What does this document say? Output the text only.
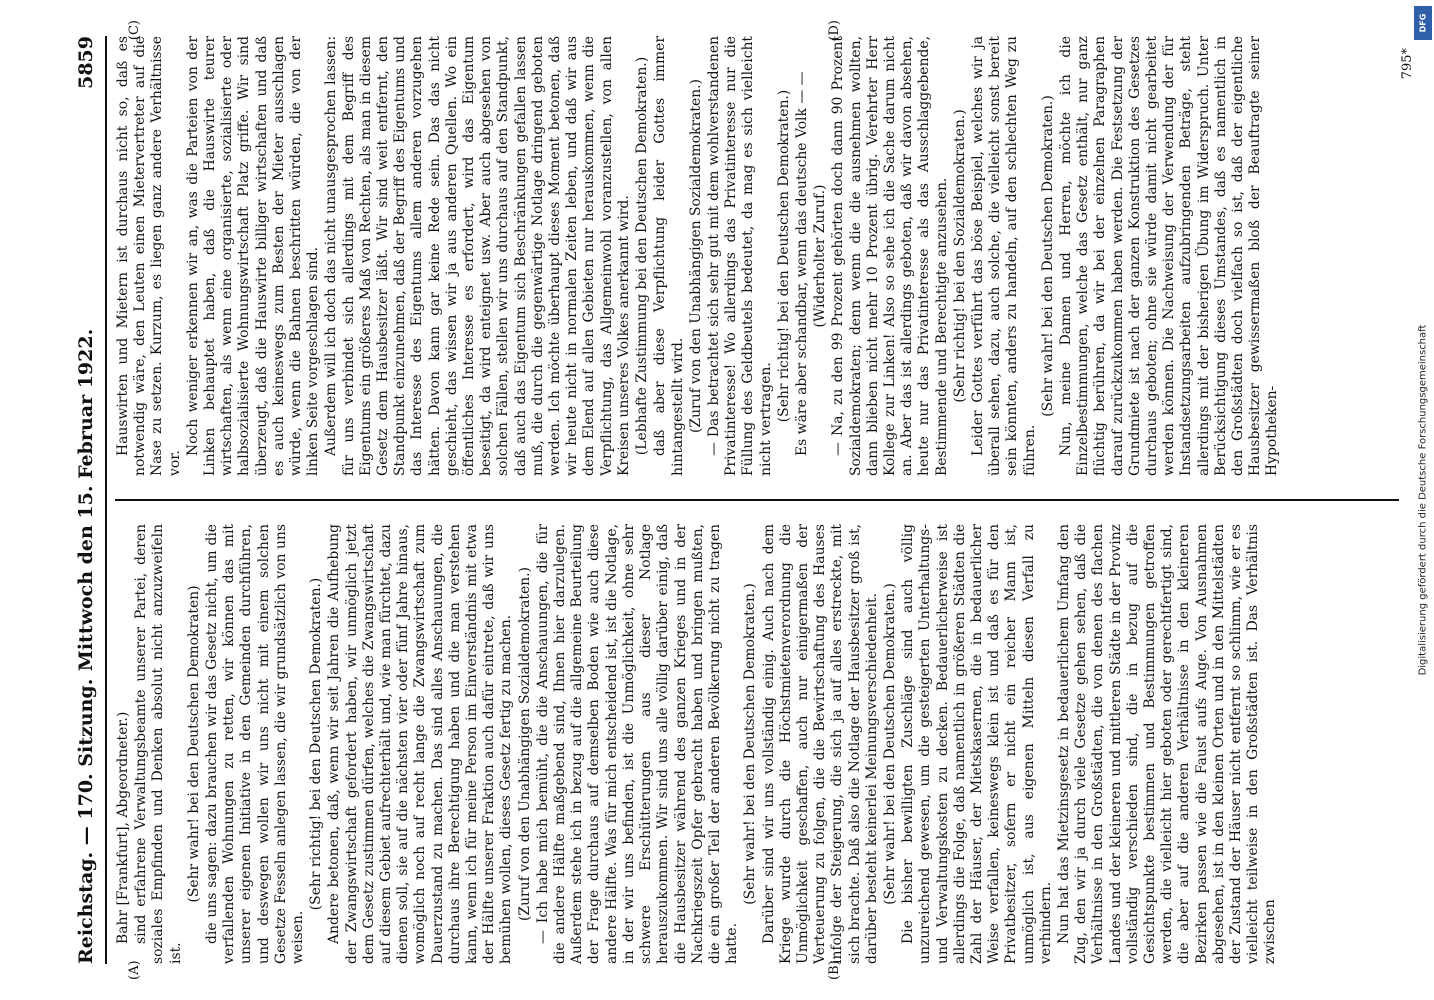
Reichstag. — 170. Sitzung.
Mittwoch den 15. Februar 1922.
5859
(A)	(B)
(C)	(D)

Bahr [Frankfurt], Abgeordneter.) sind erfahrene Verwaltungsbeamte unserer Partei, deren soziales Empfinden und Denken absolut nicht anzuzweifeln ist.

(Sehr wahr! bei den Deutschen Demokraten) die uns sagen: dazu brauchen wir das Gesetz nicht, um die verfallenden Wohnungen zu retten, wir können das mit unserer eigenen Initiative in den Gemeinden durchführen, und deswegen wollen wir uns nicht mit einem solchen Gesetze Fesseln anlegen lassen, die wir grundsätzlich von uns weisen.

(Sehr richtig! bei den Deutschen Demokraten.) Andere betonen, daß, wenn wir seit Jahren die Aufhebung der Zwangswirtschaft gefordert haben, wir unmöglich jetzt dem Gesetz zustimmen dürfen, welches die Zwangswirtschaft auf diesem Gebiet aufrechterhält und, wie man fürchtet, dazu dienen soll, sie auf die nächsten vier oder fünf Jahre hinaus, womöglich noch auf recht lange die Zwangswirtschaft zum Dauerzustand zu machen. Das sind alles Anschauungen, die durchaus ihre Berechtigung haben und die man verstehen kann, wenn ich für meine Person im Einverständnis mit etwa der Hälfte unserer Fraktion auch dafür eintrete, daß wir uns bemühen wollen, dieses Gesetz fertig zu machen. (Zuruf von den Unabhängigen Sozialdemokraten.) — Ich habe mich bemüht, die die Anschauungen, die für die andere Hälfte maßgebend sind, Ihnen hier darzulegen. Außerdem stehe ich in bezug auf die allgemeine Beurteilung der Frage durchaus auf demselben Boden wie auch diese andere Hälfte. Was für mich entscheidend ist, ist die Notlage, in der wir uns befinden, ist die Unmöglichkeit, ohne sehr schwere Erschütterungen aus dieser Notlage herauszukommen. Wir sind uns alle völlig darüber einig, daß die Hausbesitzer während des ganzen Krieges und in der Nachkriegszeit Opfer gebracht haben und bringen mußten, die ein großer Teil der anderen Bevölkerung nicht zu tragen hatte.

(Sehr wahr! bei den Deutschen Demokraten.) Darüber sind wir uns vollständig einig. Auch nach dem Kriege wurde durch die Höchstmietenverordnung die Unmöglichkeit geschaffen, auch nur einigermaßen der Verteuerung zu folgen, die die Bewirtschaftung des Hauses infolge der Steigerung, die sich ja auf alles erstreckte, mit sich brachte. Daß also die Notlage der Hausbesitzer groß ist, darüber besteht keinerlei Meinungsverschiedenheit. (Sehr wahr! bei den Deutschen Demokraten.) Die bisher bewilligten Zuschläge sind auch völlig unzureichend gewesen, um die gesteigerten Unterhaltungs- und Verwaltungskosten zu decken. Bedauerlicherweise ist allerdings die Folge, daß namentlich in größeren Städten die Zahl der Häuser, der Mietskasernen, die in bedauerlicher Weise verfallen, keineswegs klein ist und daß es für den Privatbesitzer, sofern er nicht ein reicher Mann ist, unmöglich ist, aus eigenen Mitteln diesen Verfall zu verhindern. Nun hat das Mietzinsgesetz in bedauerlichem Umfang den Zug, den wir ja durch viele Gesetze gehen sehen, daß die Verhältnisse in den Großstädten, die von denen des flachen Landes und der kleineren und mittleren Städte in der Provinz vollständig verschieden sind, die in bezug auf die Gesichtspunkte bestimmen und Bestimmungen getroffen werden, die vielleicht hier geboten oder gerechtfertigt sind, die aber auf die anderen Verhältnisse in den kleineren Bezirken passen wie die Faust aufs Auge. Von Ausnahmen abgesehen, ist in den kleinen Orten und in den Mittelstädten der Zustand der Häuser nicht entfernt so schlimm, wie er es vielleicht teilweise in den Großstädten ist. Das Verhältnis zwischen

Hauswirten und Mietern ist durchaus nicht so, daß es notwendig wäre, den Leuten einen Mietervertreter auf die Nase zu setzen. Kurzum, es liegen ganz andere Verhältnisse vor.

Noch weniger erkennen wir an, was die Parteien von der Linken behauptet haben, daß die Hauswirte teurer wirtschaften, als wenn eine organisierte, sozialisierte oder halbsozialisierte Wohnungswirtschaft Platz griffe. Wir sind überzeugt, daß die Hauswirte billiger wirtschaften und daß es auch keineswegs zum Besten der Mieter ausschlagen würde, wenn die Bahnen beschritten würden, die von der linken Seite vorgeschlagen sind. Außerdem will ich doch das nicht unausgesprochen lassen: für uns verbindet sich allerdings mit dem Begriff des Eigentums ein größeres Maß von Rechten, als man in diesem Gesetz dem Hausbesitzer läßt. Wir sind weit entfernt, den Standpunkt einzunehmen, daß der Begriff des Eigentums und das Interesse des Eigentums allem anderen vorzugehen hätten. Davon kann gar keine Rede sein. Das das nicht geschieht, das wissen wir ja aus anderen Quellen. Wo ein öffentliches Interesse es erfordert, wird das Eigentum beseitigt, da wird enteignet usw. Aber auch abgesehen von solchen Fällen, stellen wir uns durchaus auf den Standpunkt, daß auch das Eigentum sich Beschränkungen gefallen lassen muß, die durch die gegenwärtige Notlage dringend geboten werden. Ich möchte überhaupt dieses Moment betonen, daß wir heute nicht in normalen Zeiten leben, und daß wir aus dem Elend auf allen Gebieten nur herauskommen, wenn die Verpflichtung, das Allgemeinwohl voranzustellen, von allen Kreisen unseres Volkes anerkannt wird. (Lebhafte Zustimmung bei den Deutschen Demokraten.) daß aber diese Verpflichtung leider Gottes immer hintangestellt wird. (Zuruf von den Unabhängigen Sozialdemokraten.) — Das betrachtet sich sehr gut mit dem wohlverstandenen Privatinteresse! Wo allerdings das Privatinteresse nur die Füllung des Geldbeutels bedeutet, da mag es sich vielleicht nicht vertragen. (Sehr richtig! bei den Deutschen Demokraten.) Es wäre aber schandbar, wenn das deutsche Volk — — (Widerholter Zuruf.) — Na, zu den 99 Prozent gehörten doch dann 90 Prozent Sozialdemokraten; denn wenn die die ausnehmen wollten, dann blieben nicht mehr 10 Prozent übrig. Verehrter Herr Kollege zur Linken! Also so sehe ich die Sache darum nicht an. Aber das ist allerdings geboten, daß wir davon absehen, heute nur das Privatinteresse als das Ausschlaggebende, Bestimmende und Berechtigte anzusehen. (Sehr richtig! bei den Sozialdemokraten.) Leider Gottes verführt das böse Beispiel, welches wir ja überall sehen, dazu, auch solche, die vielleicht sonst bereit sein könnten, anders zu handeln, auf den schlechten Weg zu führen.

(Sehr wahr! bei den Deutschen Demokraten.) Nun, meine Damen und Herren, möchte ich die Einzelbestimmungen, welche das Gesetz enthält, nur ganz flüchtig berühren, da wir bei der einzelnen Paragraphen darauf zurückzukommen haben werden. Die Festsetzung der Grundmiete ist nach der ganzen Konstruktion des Gesetzes durchaus geboten; ohne sie würde damit nicht gearbeitet werden können. Die Nachweisung der Verwendung der für Instandsetzungsarbeiten aufzubringenden Beträge, steht allerdings mit der bisherigen Übung im Widerspruch. Unter Berücksichtigung dieses Umstandes, daß es namentlich in den Großstädten doch vielfach so ist, daß der eigentliche Hausbesitzer gewissermaßen bloß der Beauftragte seiner Hypotheken-

795*
Digitalisierung gefördert durch die Deutsche Forschungsgemeinschaft
DFG
